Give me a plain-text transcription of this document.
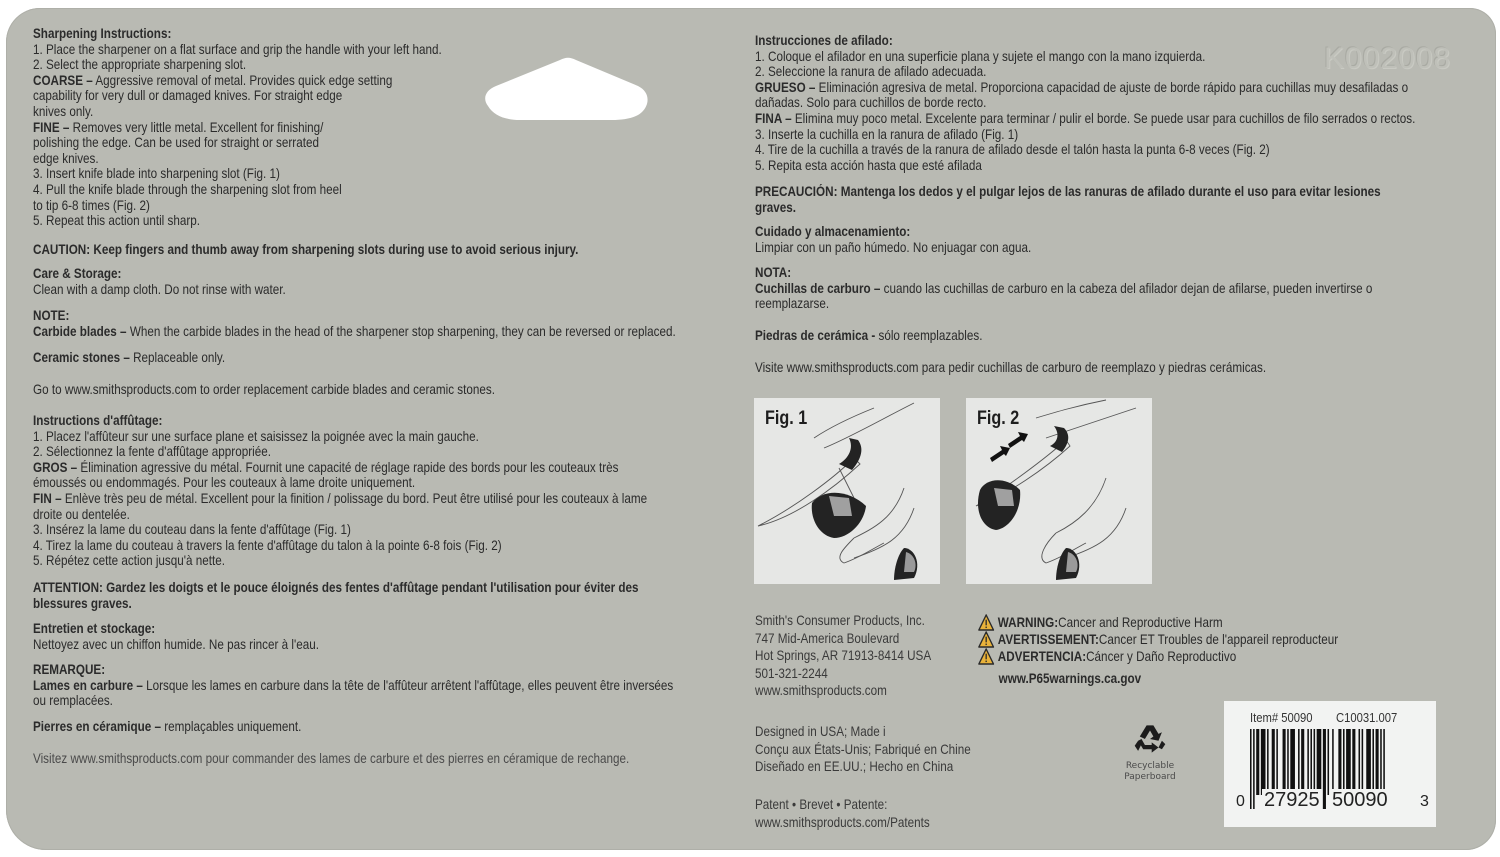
K002008
Sharpening Instructions:
1. Place the sharpener on a flat surface and grip the handle with your left hand.
2. Select the appropriate sharpening slot.
COARSE – Aggressive removal of metal. Provides quick edge setting
capability for very dull or damaged knives. For straight edge
knives only.
FINE – Removes very little metal. Excellent for finishing/
polishing the edge. Can be used for straight or serrated
edge knives.
3. Insert knife blade into sharpening slot (Fig. 1)
4. Pull the knife blade through the sharpening slot from heel
to tip 6-8 times (Fig. 2)
5. Repeat this action until sharp.
CAUTION: Keep fingers and thumb away from sharpening slots during use to avoid serious injury.
Care & Storage:
Clean with a damp cloth. Do not rinse with water.
NOTE:
Carbide blades – When the carbide blades in the head of the sharpener stop sharpening, they can be reversed or replaced.
Ceramic stones – Replaceable only.
Go to www.smithsproducts.com to order replacement carbide blades and ceramic stones.
Instructions d'affûtage:
1. Placez l'affûteur sur une surface plane et saisissez la poignée avec la main gauche.
2. Sélectionnez la fente d'affûtage appropriée.
GROS – Élimination agressive du métal. Fournit une capacité de réglage rapide des bords pour les couteaux très
émoussés ou endommagés. Pour les couteaux à lame droite uniquement.
FIN – Enlève très peu de métal. Excellent pour la finition / polissage du bord. Peut être utilisé pour les couteaux à lame
droite ou dentelée.
3. Insérez la lame du couteau dans la fente d'affûtage (Fig. 1)
4. Tirez la lame du couteau à travers la fente d'affûtage du talon à la pointe 6-8 fois (Fig. 2)
5. Répétez cette action jusqu'à nette.
ATTENTION: Gardez les doigts et le pouce éloignés des fentes d'affûtage pendant l'utilisation pour éviter des
blessures graves.
Entretien et stockage:
Nettoyez avec un chiffon humide. Ne pas rincer à l'eau.
REMARQUE:
Lames en carbure – Lorsque les lames en carbure dans la tête de l'affûteur arrêtent l'affûtage, elles peuvent être inversées
ou remplacées.
Pierres en céramique – remplaçables uniquement.
Visitez www.smithsproducts.com pour commander des lames de carbure et des pierres en céramique de rechange.
Instrucciones de afilado:
1. Coloque el afilador en una superficie plana y sujete el mango con la mano izquierda.
2. Seleccione la ranura de afilado adecuada.
GRUESO – Eliminación agresiva de metal. Proporciona capacidad de ajuste de borde rápido para cuchillas muy desafiladas o
dañadas. Solo para cuchillos de borde recto.
FINA – Elimina muy poco metal. Excelente para terminar / pulir el borde. Se puede usar para cuchillos de filo serrados o rectos.
3. Inserte la cuchilla en la ranura de afilado (Fig. 1)
4. Tire de la cuchilla a través de la ranura de afilado desde el talón hasta la punta 6-8 veces (Fig. 2)
5. Repita esta acción hasta que esté afilada
PRECAUCIÓN: Mantenga los dedos y el pulgar lejos de las ranuras de afilado durante el uso para evitar lesiones
graves.
Cuidado y almacenamiento:
Limpiar con un paño húmedo. No enjuagar con agua.
NOTA:
Cuchillas de carburo – cuando las cuchillas de carburo en la cabeza del afilador dejan de afilarse, pueden invertirse o
reemplazarse.
Piedras de cerámica - sólo reemplazables.
Visite www.smithsproducts.com para pedir cuchillas de carburo de reemplazo y piedras cerámicas.
Fig. 1	Fig. 2
Smith's Consumer Products, Inc.
747 Mid-America Boulevard
Hot Springs, AR 71913-8414 USA
501-321-2244
www.smithsproducts.com
Designed in USA; Made i
Conçu aux États-Unis; Fabriqué en Chine
Diseñado en EE.UU.; Hecho en China
Patent • Brevet • Patente:
www.smithsproducts.com/Patents
WARNING: Cancer and Reproductive Harm
AVERTISSEMENT: Cancer ET Troubles de l'appareil reproducteur
ADVERTENCIA: Cáncer y Daño Reproductivo
www.P65warnings.ca.gov
Recyclable
Paperboard
Item# 50090 C10031.007
0 27925 50090 3
